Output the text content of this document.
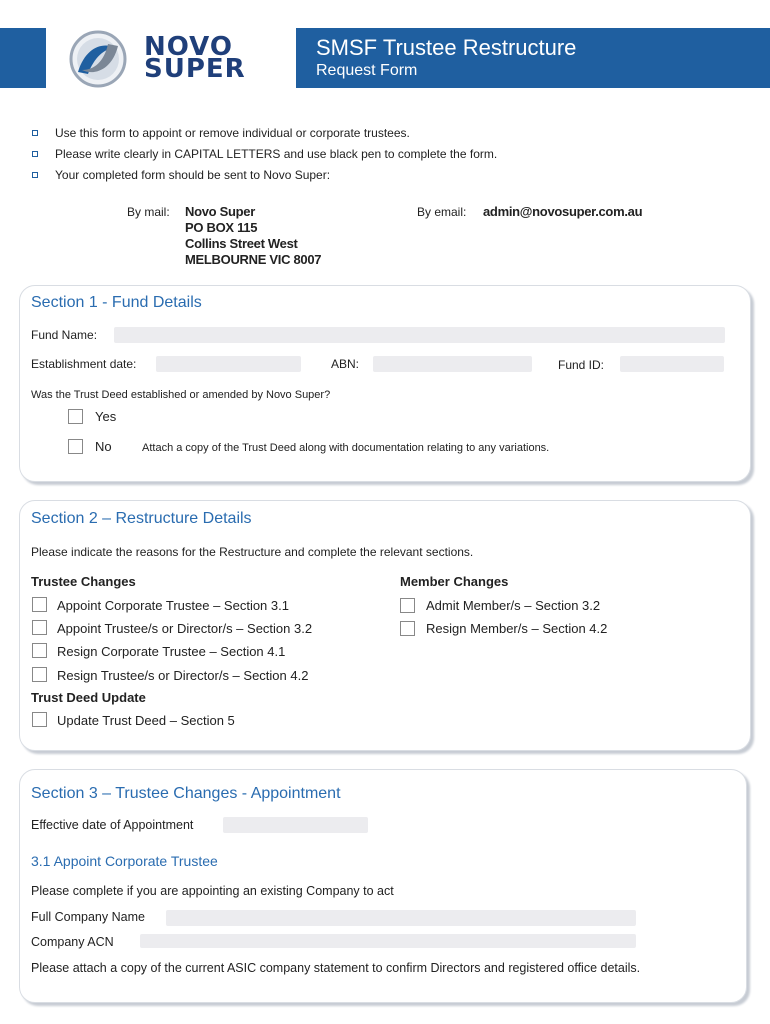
NOVO
SUPER
SMSF Trustee Restructure
Request Form
Use this form to appoint or remove individual or corporate trustees.
Please write clearly in CAPITAL LETTERS and use black pen to complete the form.
Your completed form should be sent to Novo Super:
By mail: Novo Super
PO BOX 115
Collins Street West
MELBOURNE VIC 8007
By email: admin@novosuper.com.au
Section 1 - Fund Details
Fund Name:
Establishment date:	ABN:	Fund ID:
Was the Trust Deed established or amended by Novo Super?
Yes
No	Attach a copy of the Trust Deed along with documentation relating to any variations.
Section 2 – Restructure Details
Please indicate the reasons for the Restructure and complete the relevant sections.
Trustee Changes
Appoint Corporate Trustee – Section 3.1
Appoint Trustee/s or Director/s – Section 3.2
Resign Corporate Trustee – Section 4.1
Resign Trustee/s or Director/s – Section 4.2
Trust Deed Update
Update Trust Deed – Section 5
Member Changes
Admit Member/s – Section 3.2
Resign Member/s – Section 4.2
Section 3 – Trustee Changes - Appointment
Effective date of Appointment
3.1 Appoint Corporate Trustee
Please complete if you are appointing an existing Company to act
Full Company Name
Company ACN
Please attach a copy of the current ASIC company statement to confirm Directors and registered office details.
